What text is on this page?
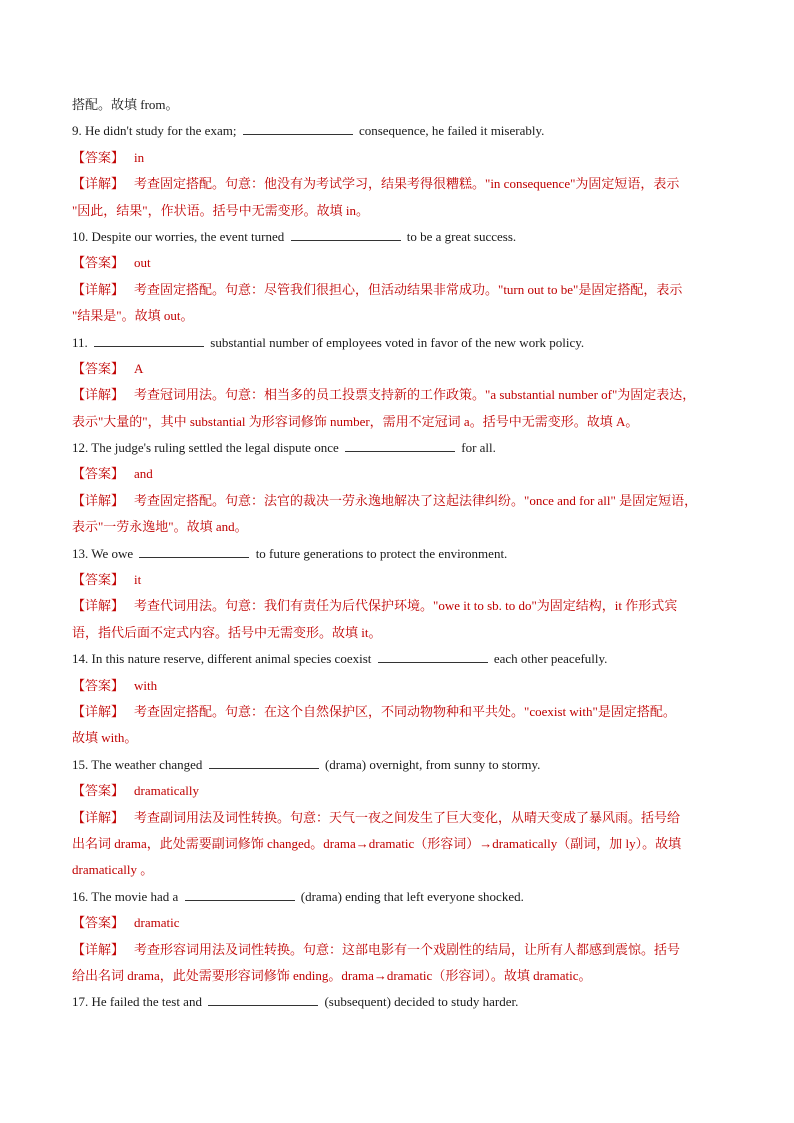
搭配。故填 from。
9. He didn't study for the exam;	consequence, he failed it miserably.
【答案】 in
【详解】 考查固定搭配。句意：他没有为考试学习，结果考得很糟糕。"in consequence"为固定短语，表示
"因此，结果"，作状语。括号中无需变形。故填 in。
10. Despite our worries, the event turned	to be a great success.
【答案】 out
【详解】 考查固定搭配。句意：尽管我们很担心，但活动结果非常成功。"turn out to be"是固定搭配，表示
"结果是"。故填 out。
11.	substantial number of employees voted in favor of the new work policy.
【答案】 A
【详解】 考查冠词用法。句意：相当多的员工投票支持新的工作政策。"a substantial number of"为固定表达，
表示"大量的"，其中 substantial 为形容词修饰 number，需用不定冠词 a。括号中无需变形。故填 A。
12. The judge's ruling settled the legal dispute once	for all.
【答案】 and
【详解】 考查固定搭配。句意：法官的裁决一劳永逸地解决了这起法律纠纷。"once and for all" 是固定短语，
表示"一劳永逸地"。故填 and。
13. We owe	to future generations to protect the environment.
【答案】 it
【详解】 考查代词用法。句意：我们有责任为后代保护环境。"owe it to sb. to do"为固定结构，it 作形式宾
语，指代后面不定式内容。括号中无需变形。故填 it。
14. In this nature reserve, different animal species coexist	each other peacefully.
【答案】 with
【详解】 考查固定搭配。句意：在这个自然保护区，不同动物物种和平共处。"coexist with"是固定搭配。
故填 with。
15. The weather changed	(drama) overnight, from sunny to stormy.
【答案】 dramatically
【详解】 考查副词用法及词性转换。句意：天气一夜之间发生了巨大变化，从晴天变成了暴风雨。括号给
出名词 drama，此处需要副词修饰 changed。drama→dramatic（形容词）→dramatically（副词，加 ly）。故填
dramatically 。
16. The movie had a	(drama) ending that left everyone shocked.
【答案】 dramatic
【详解】 考查形容词用法及词性转换。句意：这部电影有一个戏剧性的结局，让所有人都感到震惊。括号
给出名词 drama，此处需要形容词修饰 ending。drama→dramatic（形容词）。故填 dramatic。
17. He failed the test and	(subsequent) decided to study harder.
